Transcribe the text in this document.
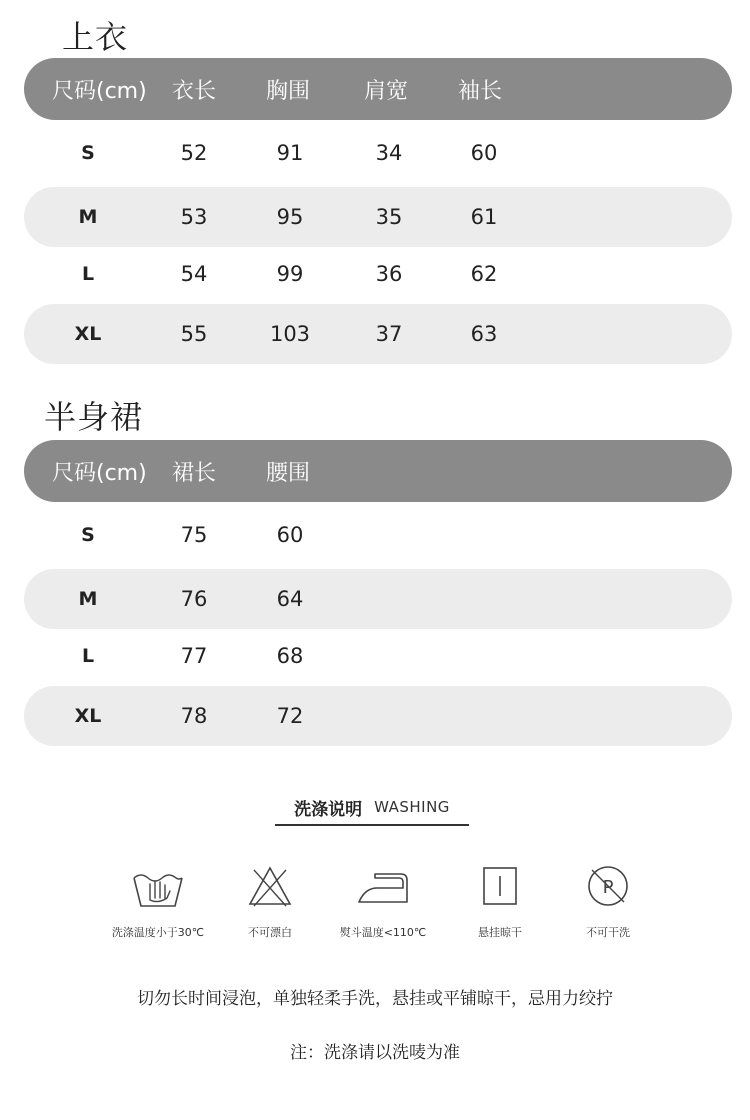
上衣
尺码(cm) 衣长 胸围 肩宽 袖长
S	52	91	34	60
M	53	95	35	61
L	54	99	36	62
XL	55	103	37	63
半身裙
尺码(cm) 裙长 腰围
S	75	60
M	76	64
L	77	68
XL	78	72
洗涤说明 WASHING
洗涤温度小于30℃	不可漂白	熨斗温度<110℃	悬挂晾干
P
不可干洗
切勿长时间浸泡，单独轻柔手洗，悬挂或平铺晾干，忌用力绞拧
注：洗涤请以洗唛为准
